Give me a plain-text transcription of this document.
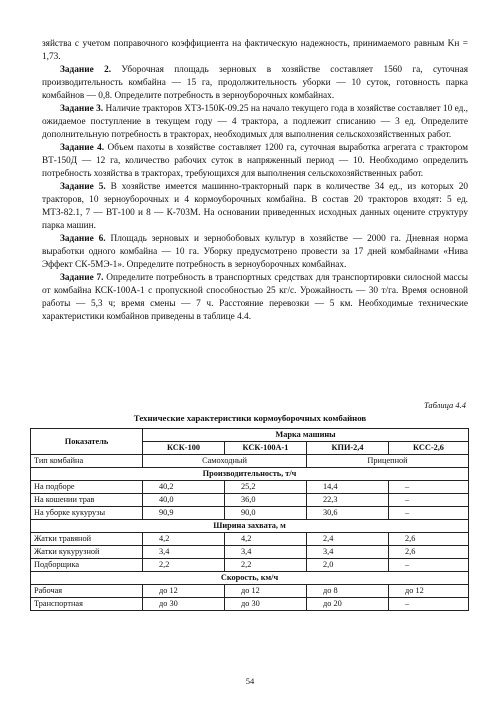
зяйства с учетом поправочного коэффициента на фактическую надежность, принимаемого равным Kн = 1,73.

Задание 2. Уборочная площадь зерновых в хозяйстве составляет 1560 га, суточная производительность комбайна — 15 га, продолжительность уборки — 10 суток, готовность парка комбайнов — 0,8. Определите потребность в зерноуборочных комбайнах.

Задание 3. Наличие тракторов ХТЗ-150К-09.25 на начало текущего года в хозяйстве составляет 10 ед., ожидаемое поступление в текущем году — 4 трактора, а подлежит списанию — 3 ед. Определите дополнительную потребность в тракторах, необходимых для выполнения сельскохозяйственных работ.

Задание 4. Объем пахоты в хозяйстве составляет 1200 га, суточная выработка агрегата с трактором ВТ-150Д — 12 га, количество рабочих суток в напряженный период — 10. Необходимо определить потребность хозяйства в тракторах, требующихся для выполнения сельскохозяйственных работ.

Задание 5. В хозяйстве имеется машинно-тракторный парк в количестве 34 ед., из которых 20 тракторов, 10 зерноуборочных и 4 кормоуборочных комбайна. В состав 20 тракторов входят: 5 ед. МТЗ-82.1, 7 — ВТ-100 и 8 — К-703М. На основании приведенных исходных данных оцените структуру парка машин.

Задание 6. Площадь зерновых и зернобобовых культур в хозяйстве — 2000 га. Дневная норма выработки одного комбайна — 10 га. Уборку предусмотрено провести за 17 дней комбайнами «Нива Эффект СК-5МЭ-1». Определите потребность в зерноуборочных комбайнах.

Задание 7. Определите потребность в транспортных средствах для транспортировки силосной массы от комбайна КСК-100А-1 с пропускной способностью 25 кг/с. Урожайность — 30 т/га. Время основной работы — 5,3 ч; время смены — 7 ч. Расстояние перевозки — 5 км. Необходимые технические характеристики комбайнов приведены в таблице 4.4.

Таблица 4.4
Технические характеристики кормоуборочных комбайнов
Показатель	Марка машины			
	КСК-100	КСК-100А-1	КПИ-2,4	КСС-2,6
Тип комбайна	Самоходный		Прицепной	
Производительность, т/ч				
На подборе	40,2	25,2	14,4	–
На кошении трав	40,0	36,0	22,3	–
На уборке кукурузы	90,9	90,0	30,6	–
Ширина захвата, м				
Жатки травяной	4,2	4,2	2,4	2,6
Жатки кукурузной	3,4	3,4	3,4	2,6
Подборщика	2,2	2,2	2,0	–
Скорость, км/ч				
Рабочая	до 12	до 12	до 8	до 12
Транспортная	до 30	до 30	до 20	–
54
